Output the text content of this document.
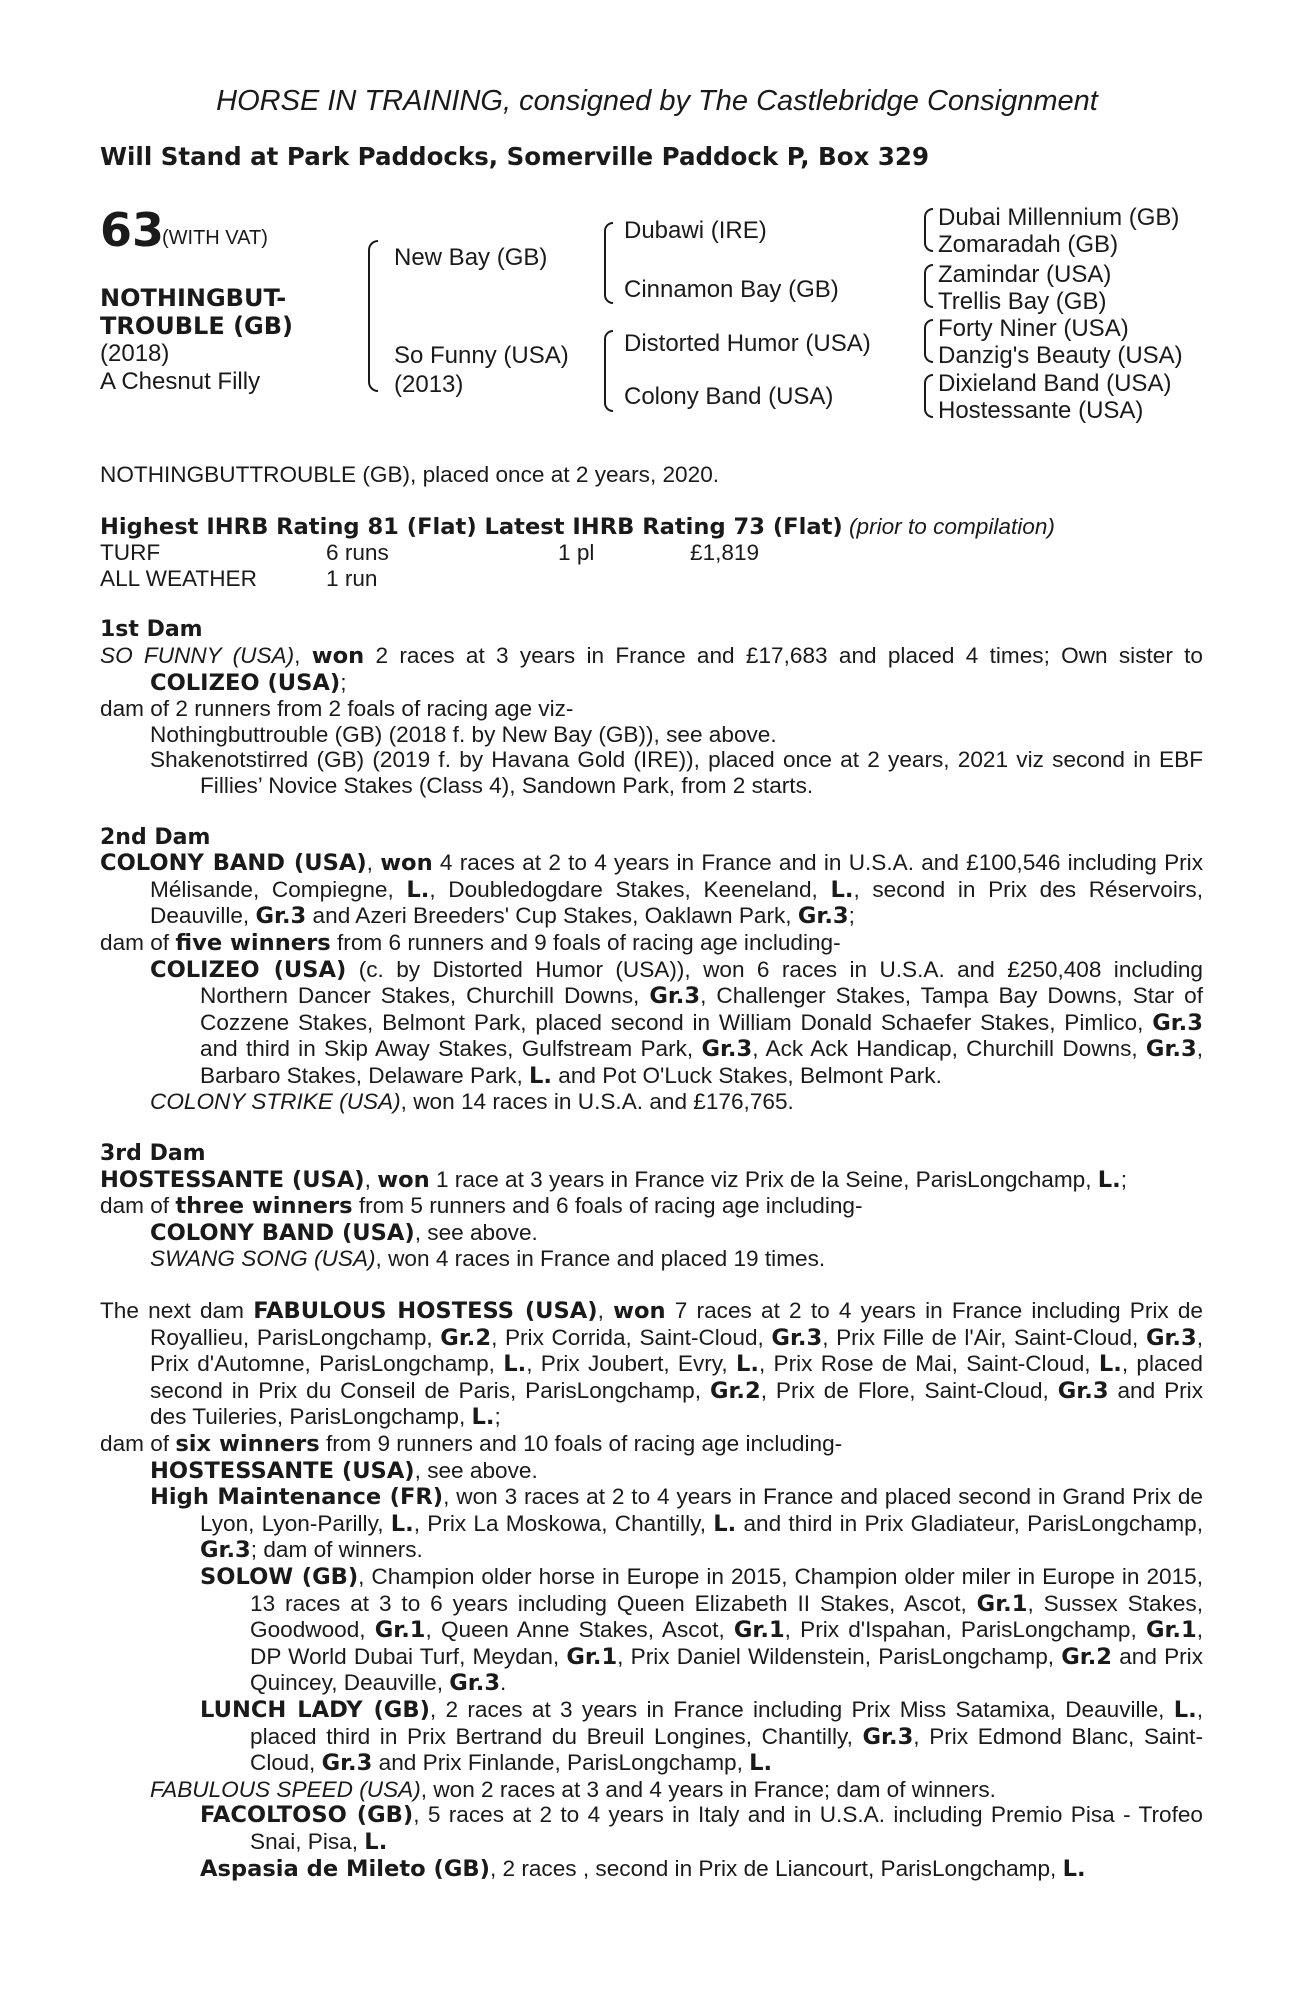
HORSE IN TRAINING, consigned by The Castlebridge Consignment
Will Stand at Park Paddocks, Somerville Paddock P, Box 329
63
(WITH VAT)
NOTHINGBUT-
TROUBLE (GB)
(2018)
A Chesnut Filly
New Bay (GB)
So Funny (USA)
(2013)
Dubawi (IRE)
Cinnamon Bay (GB)
Distorted Humor (USA)
Colony Band (USA)
Dubai Millennium (GB)
Zomaradah (GB)
Zamindar (USA)
Trellis Bay (GB)
Forty Niner (USA)
Danzig's Beauty (USA)
Dixieland Band (USA)
Hostessante (USA)
NOTHINGBUTTROUBLE (GB), placed once at 2 years, 2020.
Highest IHRB Rating 81 (Flat) Latest IHRB Rating 73 (Flat) (prior to compilation)
TURF	6 runs	1 pl	£1,819
ALL WEATHER	1 run
1st Dam
SO FUNNY (USA), won 2 races at 3 years in France and £17,683 and placed 4 times; Own sister to COLIZEO (USA);
dam of 2 runners from 2 foals of racing age viz-
Nothingbuttrouble (GB) (2018 f. by New Bay (GB)), see above.
Shakenotstirred (GB) (2019 f. by Havana Gold (IRE)), placed once at 2 years, 2021 viz second in EBF Fillies’ Novice Stakes (Class 4), Sandown Park, from 2 starts.
2nd Dam
COLONY BAND (USA), won 4 races at 2 to 4 years in France and in U.S.A. and £100,546 including Prix Mélisande, Compiegne, L., Doubledogdare Stakes, Keeneland, L., second in Prix des Réservoirs, Deauville, Gr.3 and Azeri Breeders' Cup Stakes, Oaklawn Park, Gr.3;
dam of five winners from 6 runners and 9 foals of racing age including-
COLIZEO (USA) (c. by Distorted Humor (USA)), won 6 races in U.S.A. and £250,408 including Northern Dancer Stakes, Churchill Downs, Gr.3, Challenger Stakes, Tampa Bay Downs, Star of Cozzene Stakes, Belmont Park, placed second in William Donald Schaefer Stakes, Pimlico, Gr.3 and third in Skip Away Stakes, Gulfstream Park, Gr.3, Ack Ack Handicap, Churchill Downs, Gr.3, Barbaro Stakes, Delaware Park, L. and Pot O'Luck Stakes, Belmont Park.
COLONY STRIKE (USA), won 14 races in U.S.A. and £176,765.
3rd Dam
HOSTESSANTE (USA), won 1 race at 3 years in France viz Prix de la Seine, ParisLongchamp, L.;
dam of three winners from 5 runners and 6 foals of racing age including-
COLONY BAND (USA), see above.
SWANG SONG (USA), won 4 races in France and placed 19 times.
The next dam FABULOUS HOSTESS (USA), won 7 races at 2 to 4 years in France including Prix de Royallieu, ParisLongchamp, Gr.2, Prix Corrida, Saint-Cloud, Gr.3, Prix Fille de l'Air, Saint-Cloud, Gr.3, Prix d'Automne, ParisLongchamp, L., Prix Joubert, Evry, L., Prix Rose de Mai, Saint-Cloud, L., placed second in Prix du Conseil de Paris, ParisLongchamp, Gr.2, Prix de Flore, Saint-Cloud, Gr.3 and Prix des Tuileries, ParisLongchamp, L.;
dam of six winners from 9 runners and 10 foals of racing age including-
HOSTESSANTE (USA), see above.
High Maintenance (FR), won 3 races at 2 to 4 years in France and placed second in Grand Prix de Lyon, Lyon-Parilly, L., Prix La Moskowa, Chantilly, L. and third in Prix Gladiateur, ParisLongchamp, Gr.3; dam of winners.
SOLOW (GB), Champion older horse in Europe in 2015, Champion older miler in Europe in 2015, 13 races at 3 to 6 years including Queen Elizabeth II Stakes, Ascot, Gr.1, Sussex Stakes, Goodwood, Gr.1, Queen Anne Stakes, Ascot, Gr.1, Prix d'Ispahan, ParisLongchamp, Gr.1, DP World Dubai Turf, Meydan, Gr.1, Prix Daniel Wildenstein, ParisLongchamp, Gr.2 and Prix Quincey, Deauville, Gr.3.
LUNCH LADY (GB), 2 races at 3 years in France including Prix Miss Satamixa, Deauville, L., placed third in Prix Bertrand du Breuil Longines, Chantilly, Gr.3, Prix Edmond Blanc, Saint-Cloud, Gr.3 and Prix Finlande, ParisLongchamp, L.
FABULOUS SPEED (USA), won 2 races at 3 and 4 years in France; dam of winners.
FACOLTOSO (GB), 5 races at 2 to 4 years in Italy and in U.S.A. including Premio Pisa - Trofeo Snai, Pisa, L.
Aspasia de Mileto (GB), 2 races , second in Prix de Liancourt, ParisLongchamp, L.
